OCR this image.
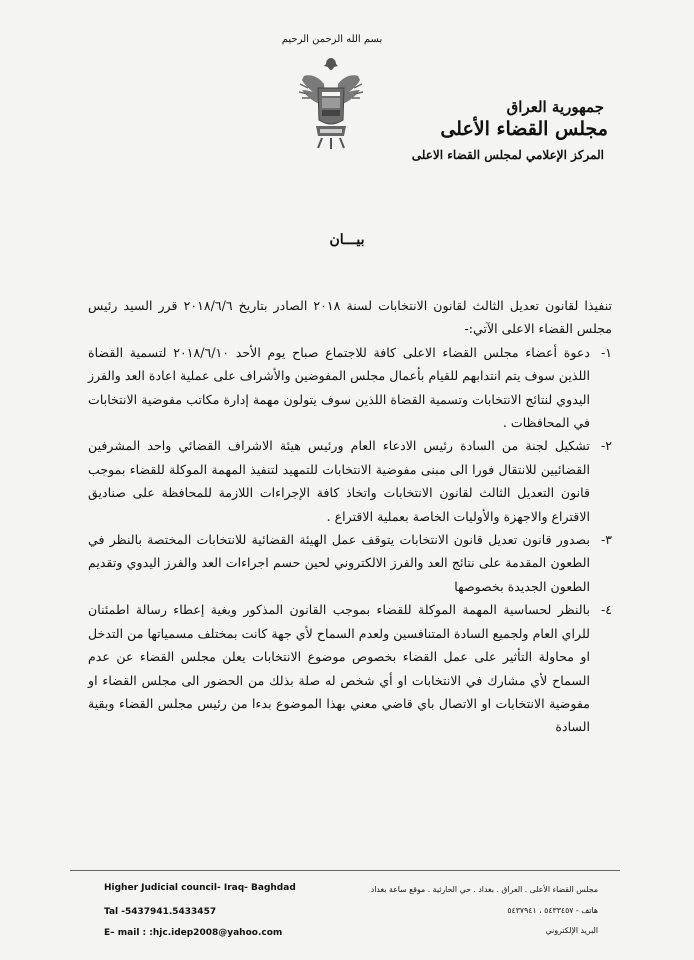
بسم الله الرحمن الرحيم
جمهورية العراق
مجلس القضاء الأعلى
المركز الإعلامي لمجلس القضاء الاعلى
بيـــان
تنفيذا لقانون تعديل الثالث لقانون الانتخابات لسنة ٢٠١٨ الصادر بتاريخ ٢٠١٨/٦/٦ قرر السيد رئيس مجلس القضاء الاعلى الآتي:-
١-
دعوة أعضاء مجلس القضاء الاعلى كافة للاجتماع صباح يوم الأحد ٢٠١٨/٦/١٠ لتسمية القضاة اللذين سوف يتم انتدابهم للقيام بأعمال مجلس المفوضين والأشراف على عملية اعادة العد والفرز اليدوي لنتائج الانتخابات وتسمية القضاة اللذين سوف يتولون مهمة إدارة مكاتب مفوضية الانتخابات في المحافظات .
٢-
تشكيل لجنة من السادة رئيس الادعاء العام ورئيس هيئة الاشراف القضائي واحد المشرفين القضائيين للانتقال فورا الى مبنى مفوضية الانتخابات للتمهيد لتنفيذ المهمة الموكلة للقضاء بموجب قانون التعديل الثالث لقانون الانتخابات واتخاذ كافة الإجراءات اللازمة للمحافظة على صناديق الاقتراع والاجهزة والأوليات الخاصة بعملية الاقتراع .
٣-
بصدور قانون تعديل قانون الانتخابات يتوقف عمل الهيئة القضائية للانتخابات المختصة بالنظر في الطعون المقدمة على نتائج العد والفرز الالكتروني لحين حسم اجراءات العد والفرز اليدوي وتقديم الطعون الجديدة بخصوصها
٤-
بالنظر لحساسية المهمة الموكلة للقضاء بموجب القانون المذكور وبغية إعطاء رسالة اطمئنان للراي العام ولجميع السادة المتنافسين ولعدم السماح لأي جهة كانت بمختلف مسمياتها من التدخل او محاولة التأثير على عمل القضاء بخصوص موضوع الانتخابات يعلن مجلس القضاء عن عدم السماح لأي مشارك في الانتخابات او أي شخص له صلة بذلك من الحضور الى مجلس القضاء او مفوضية الانتخابات او الاتصال باي قاضي معني بهذا الموضوع بدءا من رئيس مجلس القضاء وبقية السادة
Higher Judicial council- Iraq- Baghdad
Tal -5437941.5433457
E– mail : :hjc.idep2008@yahoo.com
مجلس القضاء الأعلى . العراق . بغداد . حي الحارثية . موقع ساعة بغداد
هاتف - ٥٤٣٣٤٥٧ ، ٥٤٣٧٩٤١
البريد الإلكتروني
